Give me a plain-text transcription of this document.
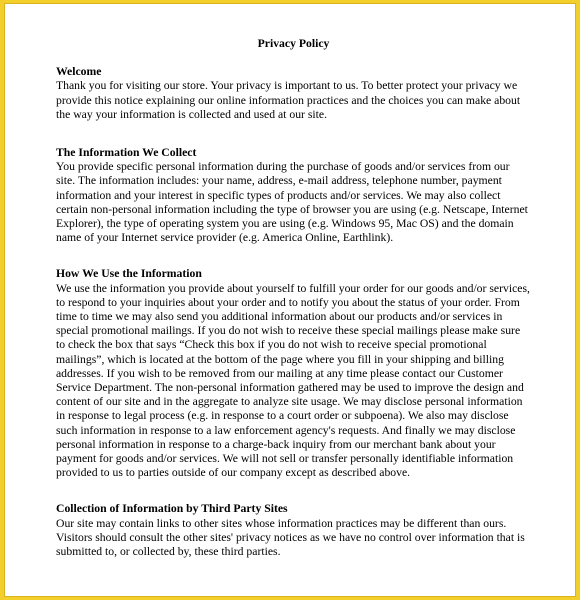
Privacy Policy
Welcome

Thank you for visiting our store. Your privacy is important to us. To better protect your privacy we provide this notice explaining our online information practices and the choices you can make about the way your information is collected and used at our site.

The Information We Collect

You provide specific personal information during the purchase of goods and/or services from our site. The information includes: your name, address, e-mail address, telephone number, payment information and your interest in specific types of products and/or services. We may also collect certain non-personal information including the type of browser you are using (e.g. Netscape, Internet Explorer), the type of operating system you are using (e.g. Windows 95, Mac OS) and the domain name of your Internet service provider (e.g. America Online, Earthlink).

How We Use the Information

We use the information you provide about yourself to fulfill your order for our goods and/or services, to respond to your inquiries about your order and to notify you about the status of your order. From time to time we may also send you additional information about our products and/or services in special promotional mailings. If you do not wish to receive these special mailings please make sure to check the box that says “Check this box if you do not wish to receive special promotional mailings”, which is located at the bottom of the page where you fill in your shipping and billing addresses. If you wish to be removed from our mailing at any time please contact our Customer Service Department. The non-personal information gathered may be used to improve the design and content of our site and in the aggregate to analyze site usage. We may disclose personal information in response to legal process (e.g. in response to a court order or subpoena). We also may disclose such information in response to a law enforcement agency's requests. And finally we may disclose personal information in response to a charge-back inquiry from our merchant bank about your payment for goods and/or services. We will not sell or transfer personally identifiable information provided to us to parties outside of our company except as described above.

Collection of Information by Third Party Sites

Our site may contain links to other sites whose information practices may be different than ours. Visitors should consult the other sites' privacy notices as we have no control over information that is submitted to, or collected by, these third parties.
